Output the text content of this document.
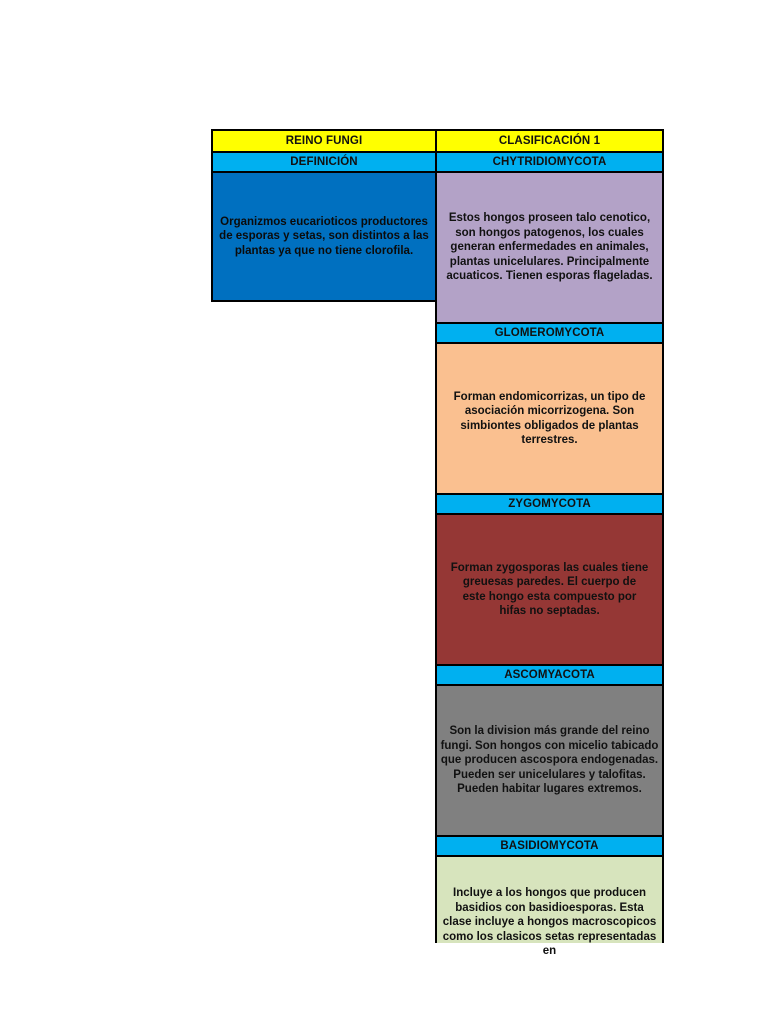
REINO FUNGI
DEFINICIÓN
Organizmos eucarioticos productores de esporas y setas, son distintos a las plantas ya que no tiene clorofila.
CLASIFICACIÓN 1
CHYTRIDIOMYCOTA
Estos hongos proseen talo cenotico, son hongos patogenos, los cuales generan enfermedades en animales, plantas unicelulares. Principalmente acuaticos. Tienen esporas flageladas.
GLOMEROMYCOTA
Forman endomicorrizas, un tipo de asociación micorrizogena. Son simbiontes obligados de plantas terrestres.
ZYGOMYCOTA
Forman zygosporas las cuales tiene greuesas paredes. El cuerpo de este hongo esta compuesto por hifas no septadas.
ASCOMYACOTA
Son la division más grande del reino fungi. Son hongos con micelio tabicado que producen ascospora endogenadas. Pueden ser unicelulares y talofitas. Pueden habitar lugares extremos.
BASIDIOMYCOTA
Incluye a los hongos que producen basidios con basidioesporas. Esta clase incluye a hongos macroscopicos como los clasicos setas representadas en
